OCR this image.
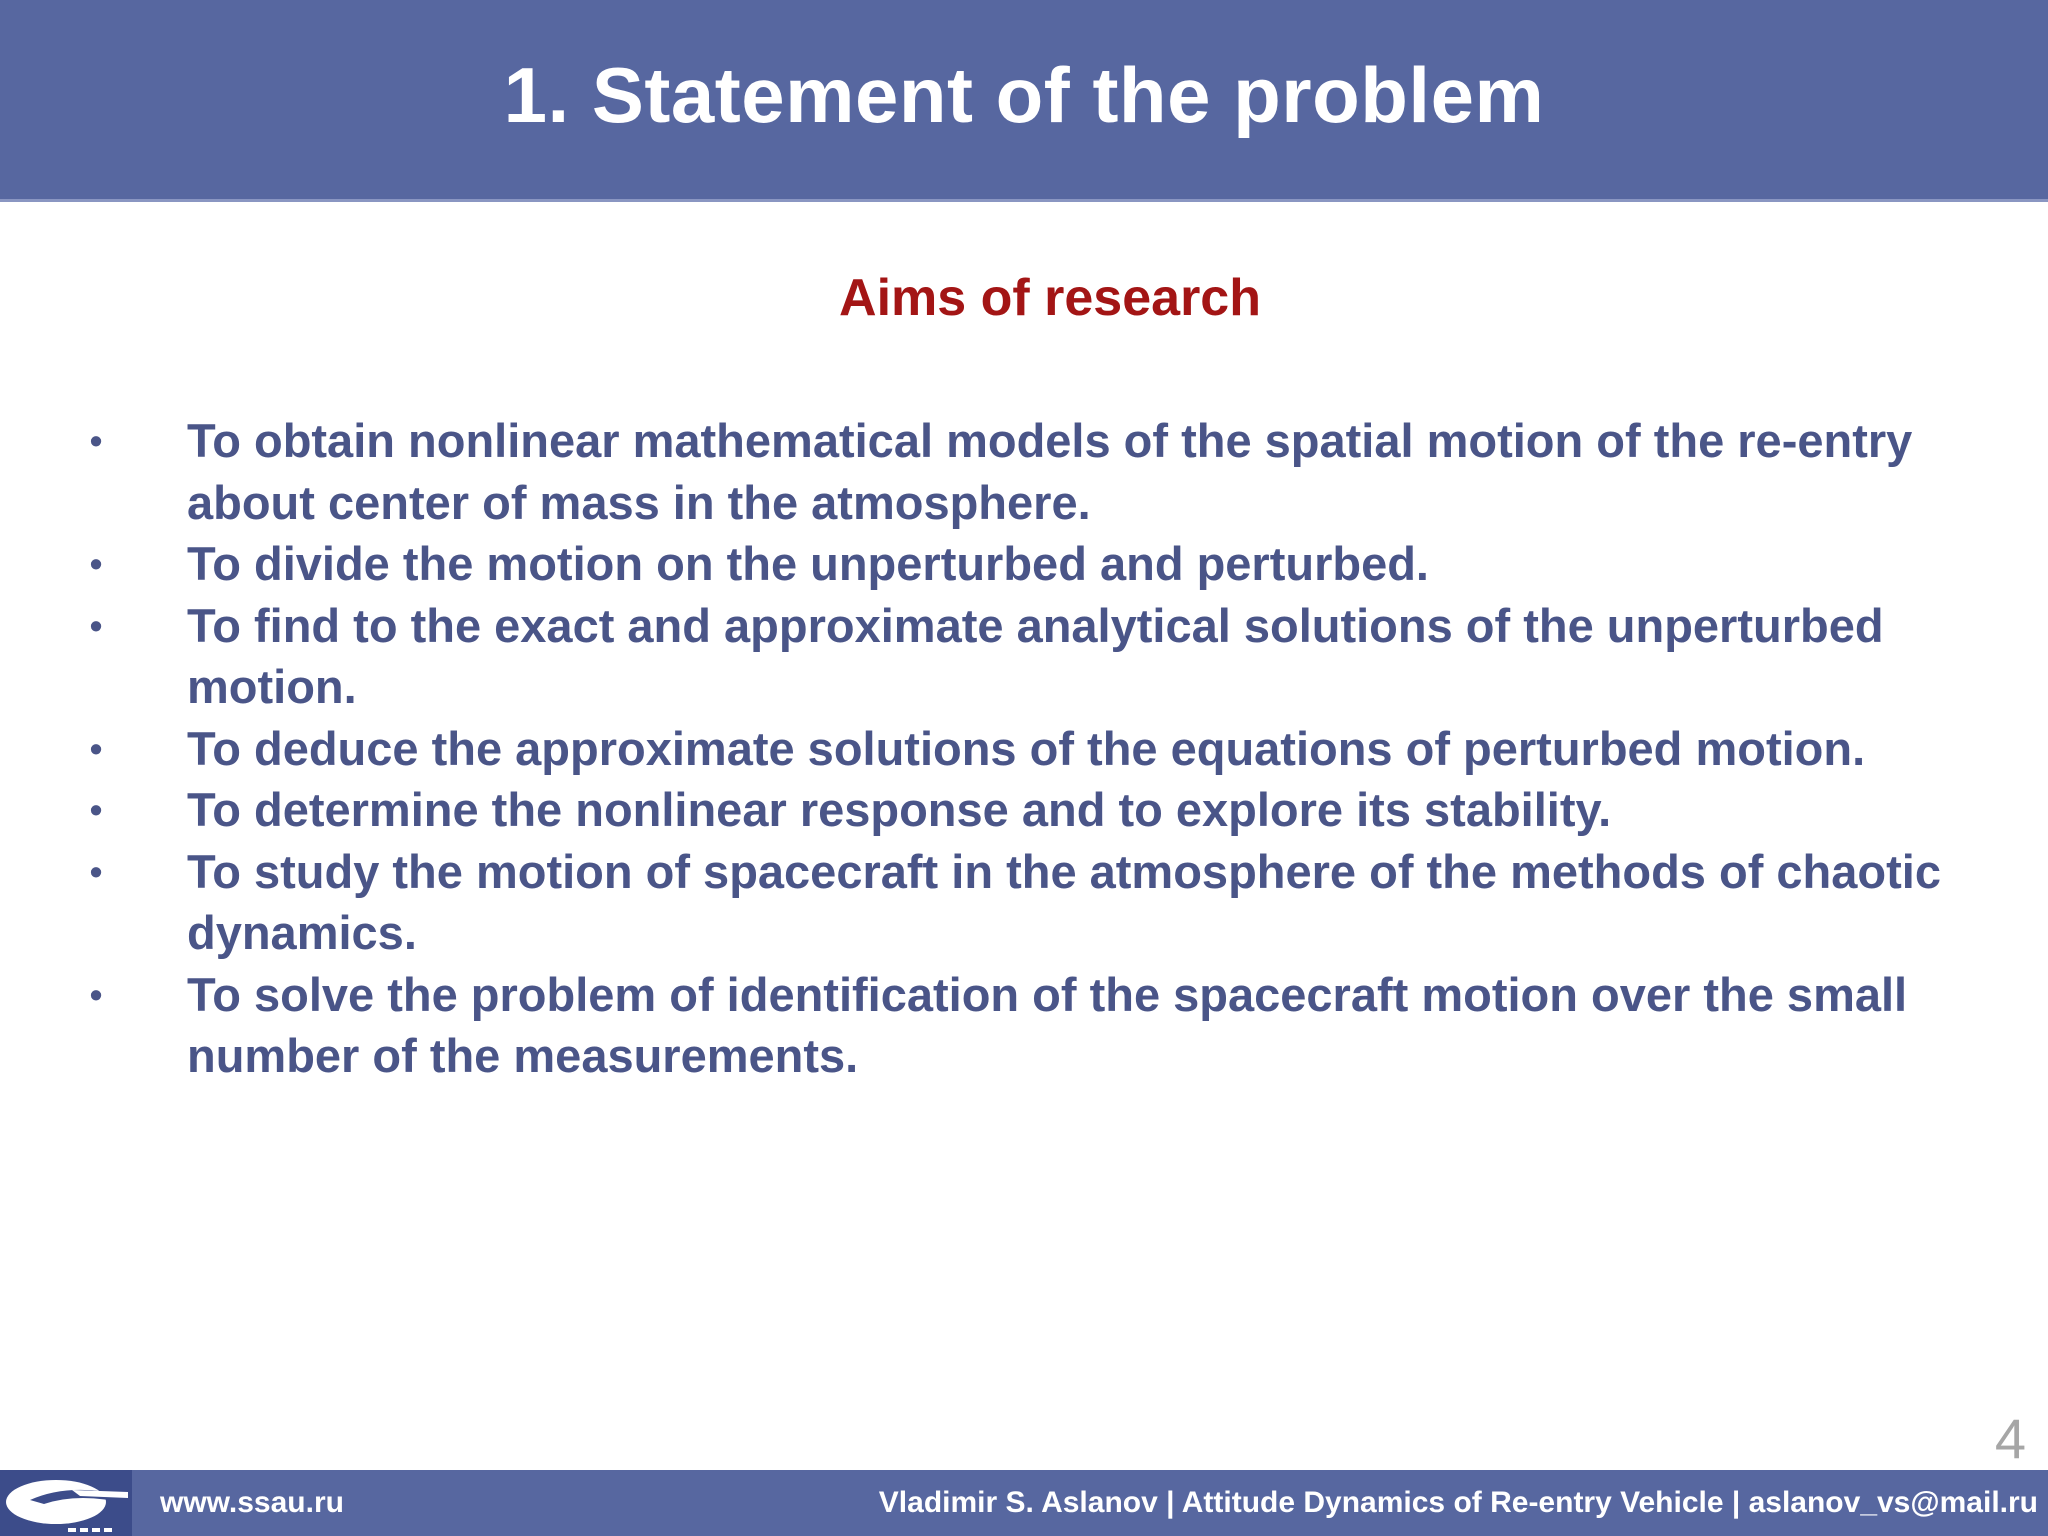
1. Statement of the problem
Aims of research
• To obtain nonlinear mathematical models of the spatial motion of the re-entry about center of mass in the atmosphere.
• To divide the motion on the unperturbed and perturbed.
• To find to the exact and approximate analytical solutions of the unperturbed motion.
• To deduce the approximate solutions of the equations of perturbed motion.
• To determine the nonlinear response and to explore its stability.
• To study the motion of spacecraft in the atmosphere of the methods of chaotic dynamics.
• To solve the problem of identification of the spacecraft motion over the small number of the measurements.
4
www.ssau.ru	Vladimir S. Aslanov | Attitude Dynamics of Re-entry Vehicle | aslanov_vs@mail.ru
